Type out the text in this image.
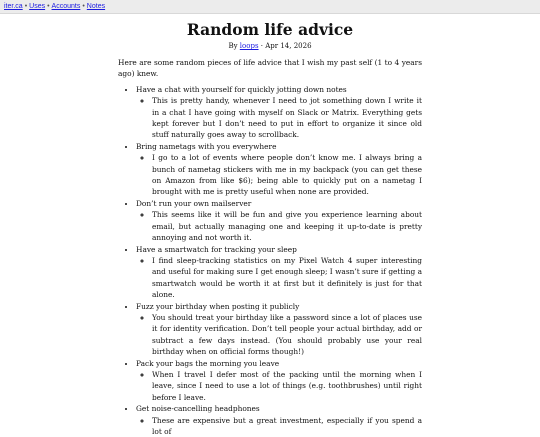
iter.ca • Uses • Accounts • Notes
Random life advice
By loops · Apr 14, 2026

Here are some random pieces of life advice that I wish my past self (1 to 4 years ago) knew.

• Have a chat with yourself for quickly jotting down notes
◦ This is pretty handy, whenever I need to jot something down I write it in a chat I have going with myself on Slack or Matrix. Everything gets kept forever but I don’t need to put in effort to organize it since old stuff naturally goes away to scrollback.
• Bring nametags with you everywhere
◦ I go to a lot of events where people don’t know me. I always bring a bunch of nametag stickers with me in my backpack (you can get these on Amazon from like $6); being able to quickly put on a nametag I brought with me is pretty useful when none are provided.
• Don’t run your own mailserver
◦ This seems like it will be fun and give you experience learning about email, but actually managing one and keeping it up-to-date is pretty annoying and not worth it.
• Have a smartwatch for tracking your sleep
◦ I find sleep-tracking statistics on my Pixel Watch 4 super interesting and useful for making sure I get enough sleep; I wasn’t sure if getting a smartwatch would be worth it at first but it definitely is just for that alone.
• Fuzz your birthday when posting it publicly
◦ You should treat your birthday like a password since a lot of places use it for identity verification. Don’t tell people your actual birthday, add or subtract a few days instead. (You should probably use your real birthday when on official forms though!)
• Pack your bags the morning you leave
◦ When I travel I defer most of the packing until the morning when I leave, since I need to use a lot of things (e.g. toothbrushes) until right before I leave.
• Get noise-cancelling headphones
◦ These are expensive but a great investment, especially if you spend a lot of
